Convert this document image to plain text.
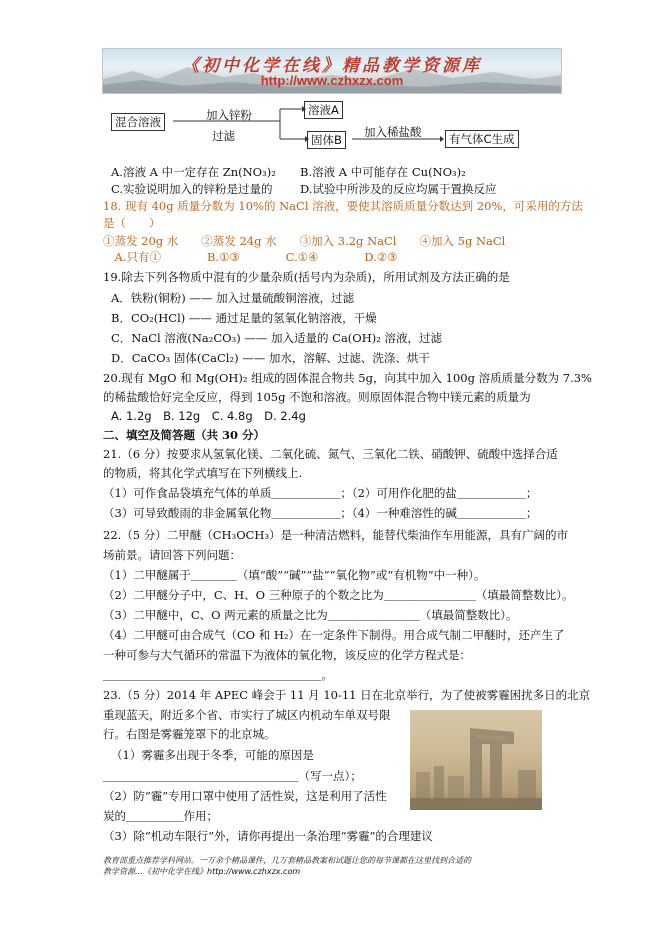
《初中化学在线》精品教学资源库
http://www.czhxzx.com
混合溶液	加入锌粉
过滤
溶液A
固体B
加入稀盐酸	有气体C生成
A.溶液 A 中一定存在 Zn(NO₃)₂ B.溶液 A 中可能存在 Cu(NO₃)₂
C.实验说明加入的锌粉是过量的 D.试验中所涉及的反应均属于置换反应
18. 现有 40g 质量分数为 10%的 NaCl 溶液，要使其溶质质量分数达到 20%，可采用的方法
是（　　）
①蒸发 20g 水　　②蒸发 24g 水　　③加入 3.2g NaCl　　④加入 5g NaCl
　A.只有①　　　　B.①③　　　　C.①④　　　　D.②③
19.除去下列各物质中混有的少量杂质(括号内为杂质)，所用试剂及方法正确的是
A．铁粉(铜粉) —— 加入过量硫酸铜溶液，过滤
B．CO₂(HCl) —— 通过足量的氢氧化钠溶液，干燥
C．NaCl 溶液(Na₂CO₃) —— 加入适量的 Ca(OH)₂ 溶液，过滤
D．CaCO₃ 固体(CaCl₂) —— 加水，溶解、过滤、洗涤、烘干
20.现有 MgO 和 Mg(OH)₂ 组成的固体混合物共 5g，向其中加入 100g 溶质质量分数为 7.3%
的稀盐酸恰好完全反应，得到 105g 不饱和溶液。则原固体混合物中镁元素的质量为
A. 1.2g　B. 12g　C. 4.8g　D. 2.4g
二、填空及简答题（共 30 分）
21.（6 分）按要求从氢氧化镁、二氧化硫、氮气、三氧化二铁、硝酸钾、硫酸中选择合适
的物质，将其化学式填写在下列横线上.
（1）可作食品袋填充气体的单质＿＿＿＿＿＿；（2）可用作化肥的盐＿＿＿＿＿＿；
（3）可导致酸雨的非金属氧化物＿＿＿＿＿＿；（4）一种难溶性的碱＿＿＿＿＿＿；
22.（5 分）二甲醚（CH₃OCH₃）是一种清洁燃料，能替代柴油作车用能源，具有广阔的市
场前景。请回答下列问题：
（1）二甲醚属于＿＿＿＿（填“酸”“碱”“盐”“氧化物”或“有机物”中一种）。
（2）二甲醚分子中，C、H、O 三种原子的个数之比为＿＿＿＿＿＿＿＿（填最简整数比）。
（3）二甲醚中，C、O 两元素的质量之比为＿＿＿＿＿＿＿＿（填最简整数比）。
（4）二甲醚可由合成气（CO 和 H₂）在一定条件下制得。用合成气制二甲醚时，还产生了
一种可参与大气循环的常温下为液体的氧化物，该反应的化学方程式是：
＿＿＿＿＿＿＿＿＿＿＿＿＿＿＿＿＿＿＿。
23.（5 分）2014 年 APEC 峰会于 11 月 10-11 日在北京举行，为了使被雾霾困扰多日的北京
重现蓝天，附近多个省、市实行了城区内机动车单双号限
行。右图是雾霾笼罩下的北京城。
（1）雾霾多出现于冬季，可能的原因是
＿＿＿＿＿＿＿＿＿＿＿＿＿＿＿＿＿（写一点）；
（2）防“霾”专用口罩中使用了活性炭，这是利用了活性
炭的＿＿＿＿＿作用；
（3）除“机动车限行”外，请你再提出一条治理“雾霾”的合理建议
教育部重点推荐学科网站。一万余个精品课件，几万套精品教案和试题让您的每节课都在这里找到合适的
教学资源…《初中化学在线》http://www.czhxzx.com
